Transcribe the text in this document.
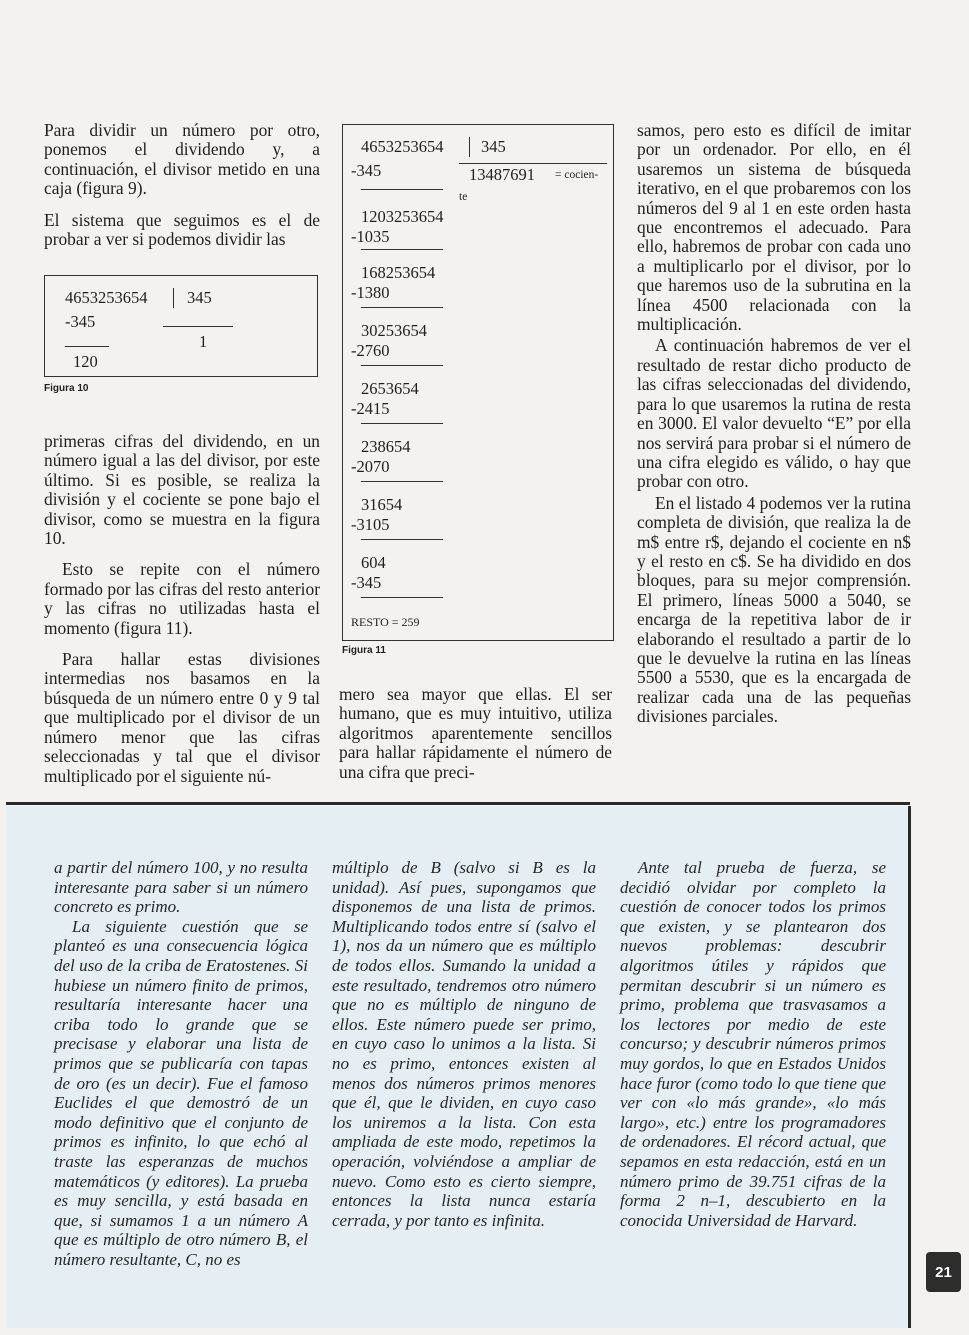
Para dividir un número por otro, ponemos el dividendo y, a continuación, el divisor metido en una caja (figura 9).

El sistema que seguimos es el de probar a ver si podemos dividir las

4653253654 345
-345
1
120
Figura 10

primeras cifras del dividendo, en un número igual a las del divisor, por este último. Si es posible, se realiza la división y el cociente se pone bajo el divisor, como se muestra en la figura 10.

Esto se repite con el número formado por las cifras del resto anterior y las cifras no utilizadas hasta el momento (figura 11).

Para hallar estas divisiones intermedias nos basamos en la búsqueda de un número entre 0 y 9 tal que multiplicado por el divisor de un número menor que las cifras seleccionadas y tal que el divisor multiplicado por el siguiente nú-

4653253654 345
13487691 = cocien-
te
-345
1203253654
-1035
168253654
-1380
30253654
-2760
2653654
-2415
238654
-2070
31654
-3105
604
-345
RESTO = 259
Figura 11

mero sea mayor que ellas. El ser humano, que es muy intuitivo, utiliza algoritmos aparentemente sencillos para hallar rápidamente el número de una cifra que preci-

samos, pero esto es difícil de imitar por un ordenador. Por ello, en él usaremos un sistema de búsqueda iterativo, en el que probaremos con los números del 9 al 1 en este orden hasta que encontremos el adecuado. Para ello, habremos de probar con cada uno a multiplicarlo por el divisor, por lo que haremos uso de la subrutina en la línea 4500 relacionada con la multiplicación.

A continuación habremos de ver el resultado de restar dicho producto de las cifras seleccionadas del dividendo, para lo que usaremos la rutina de resta en 3000. El valor devuelto “E” por ella nos servirá para probar si el número de una cifra elegido es válido, o hay que probar con otro.

En el listado 4 podemos ver la rutina completa de división, que realiza la de m$ entre r$, dejando el cociente en n$ y el resto en c$. Se ha dividido en dos bloques, para su mejor comprensión. El primero, líneas 5000 a 5040, se encarga de la repetitiva labor de ir elaborando el resultado a partir de lo que le devuelve la rutina en las líneas 5500 a 5530, que es la encargada de realizar cada una de las pequeñas divisiones parciales.

a partir del número 100, y no resulta interesante para saber si un número concreto es primo.

La siguiente cuestión que se planteó es una consecuencia lógica del uso de la criba de Eratostenes. Si hubiese un número finito de primos, resultaría interesante hacer una criba todo lo grande que se precisase y elaborar una lista de primos que se publicaría con tapas de oro (es un decir). Fue el famoso Euclides el que demostró de un modo definitivo que el conjunto de primos es infinito, lo que echó al traste las esperanzas de muchos matemáticos (y editores). La prueba es muy sencilla, y está basada en que, si sumamos 1 a un número A que es múltiplo de otro número B, el número resultante, C, no es

múltiplo de B (salvo si B es la unidad). Así pues, supongamos que disponemos de una lista de primos. Multiplicando todos entre sí (salvo el 1), nos da un número que es múltiplo de todos ellos. Sumando la unidad a este resultado, tendremos otro número que no es múltiplo de ninguno de ellos. Este número puede ser primo, en cuyo caso lo unimos a la lista. Si no es primo, entonces existen al menos dos números primos menores que él, que le dividen, en cuyo caso los uniremos a la lista. Con esta ampliada de este modo, repetimos la operación, volviéndose a ampliar de nuevo. Como esto es cierto siempre, entonces la lista nunca estaría cerrada, y por tanto es infinita.

Ante tal prueba de fuerza, se decidió olvidar por completo la cuestión de conocer todos los primos que existen, y se plantearon dos nuevos problemas: descubrir algoritmos útiles y rápidos que permitan descubrir si un número es primo, problema que trasvasamos a los lectores por medio de este concurso; y descubrir números primos muy gordos, lo que en Estados Unidos hace furor (como todo lo que tiene que ver con «lo más grande», «lo más largo», etc.) entre los programadores de ordenadores. El récord actual, que sepamos en esta redacción, está en un número primo de 39.751 cifras de la forma 2 n–1, descubierto en la conocida Universidad de Harvard.

21
